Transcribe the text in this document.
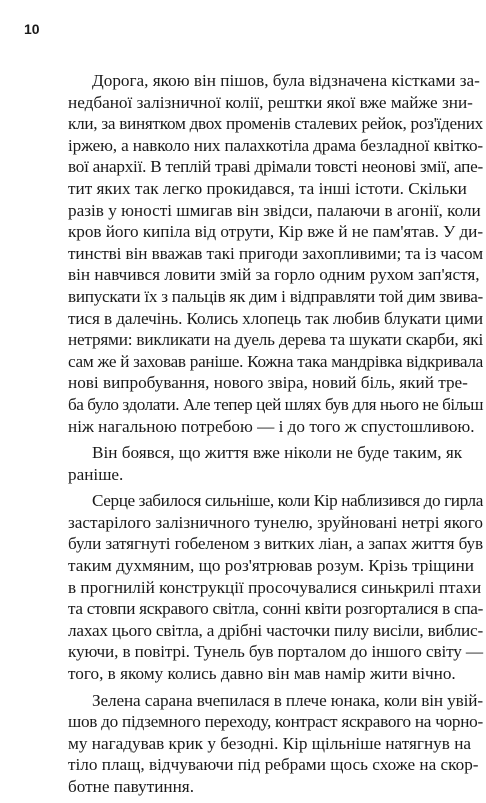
10

Дорога, якою він пішов, була відзначена кістками за-
недбаної залізничної колії, рештки якої вже майже зни-
кли, за винятком двох променів сталевих рейок, роз'їдених
іржею, а навколо них палахкотіла драма безладної квітко-
вої анархії. В теплій траві дрімали товсті неонові змії, апе-
тит яких так легко прокидався, та інші істоти. Скільки
разів у юності шмигав він звідси, палаючи в агонії, коли
кров його кипіла від отрути, Кір вже й не пам'ятав. У ди-
тинстві він вважав такі пригоди захопливими; та із часом
він навчився ловити змій за горло одним рухом зап'ястя,
випускати їх з пальців як дим і відправляти той дим звива-
тися в далечінь. Колись хлопець так любив блукати цими
нетрями: викликати на дуель дерева та шукати скарби, які
сам же й заховав раніше. Кожна така мандрівка відкривала
нові випробування, нового звіра, новий біль, який тре-
ба було здолати. Але тепер цей шлях був для нього не більш
ніж нагальною потребою — і до того ж спустошливою.

Він боявся, що життя вже ніколи не буде таким, як
раніше.

Серце забилося сильніше, коли Кір наблизився до гирла
застарілого залізничного тунелю, зруйновані нетрі якого
були затягнуті гобеленом з витких ліан, а запах життя був
таким духмяним, що роз'ятрював розум. Крізь тріщини
в прогнилій конструкції просочувалися синькрилі птахи
та стовпи яскравого світла, сонні квіти розгорталися в спа-
лахах цього світла, а дрібні часточки пилу висіли, виблис-
куючи, в повітрі. Тунель був порталом до іншого світу —
того, в якому колись давно він мав намір жити вічно.

Зелена сарана вчепилася в плече юнака, коли він увій-
шов до підземного переходу, контраст яскравого на чорно-
му нагадував крик у безодні. Кір щільніше натягнув на
тіло плащ, відчуваючи під ребрами щось схоже на скор-
ботне павутиння.
